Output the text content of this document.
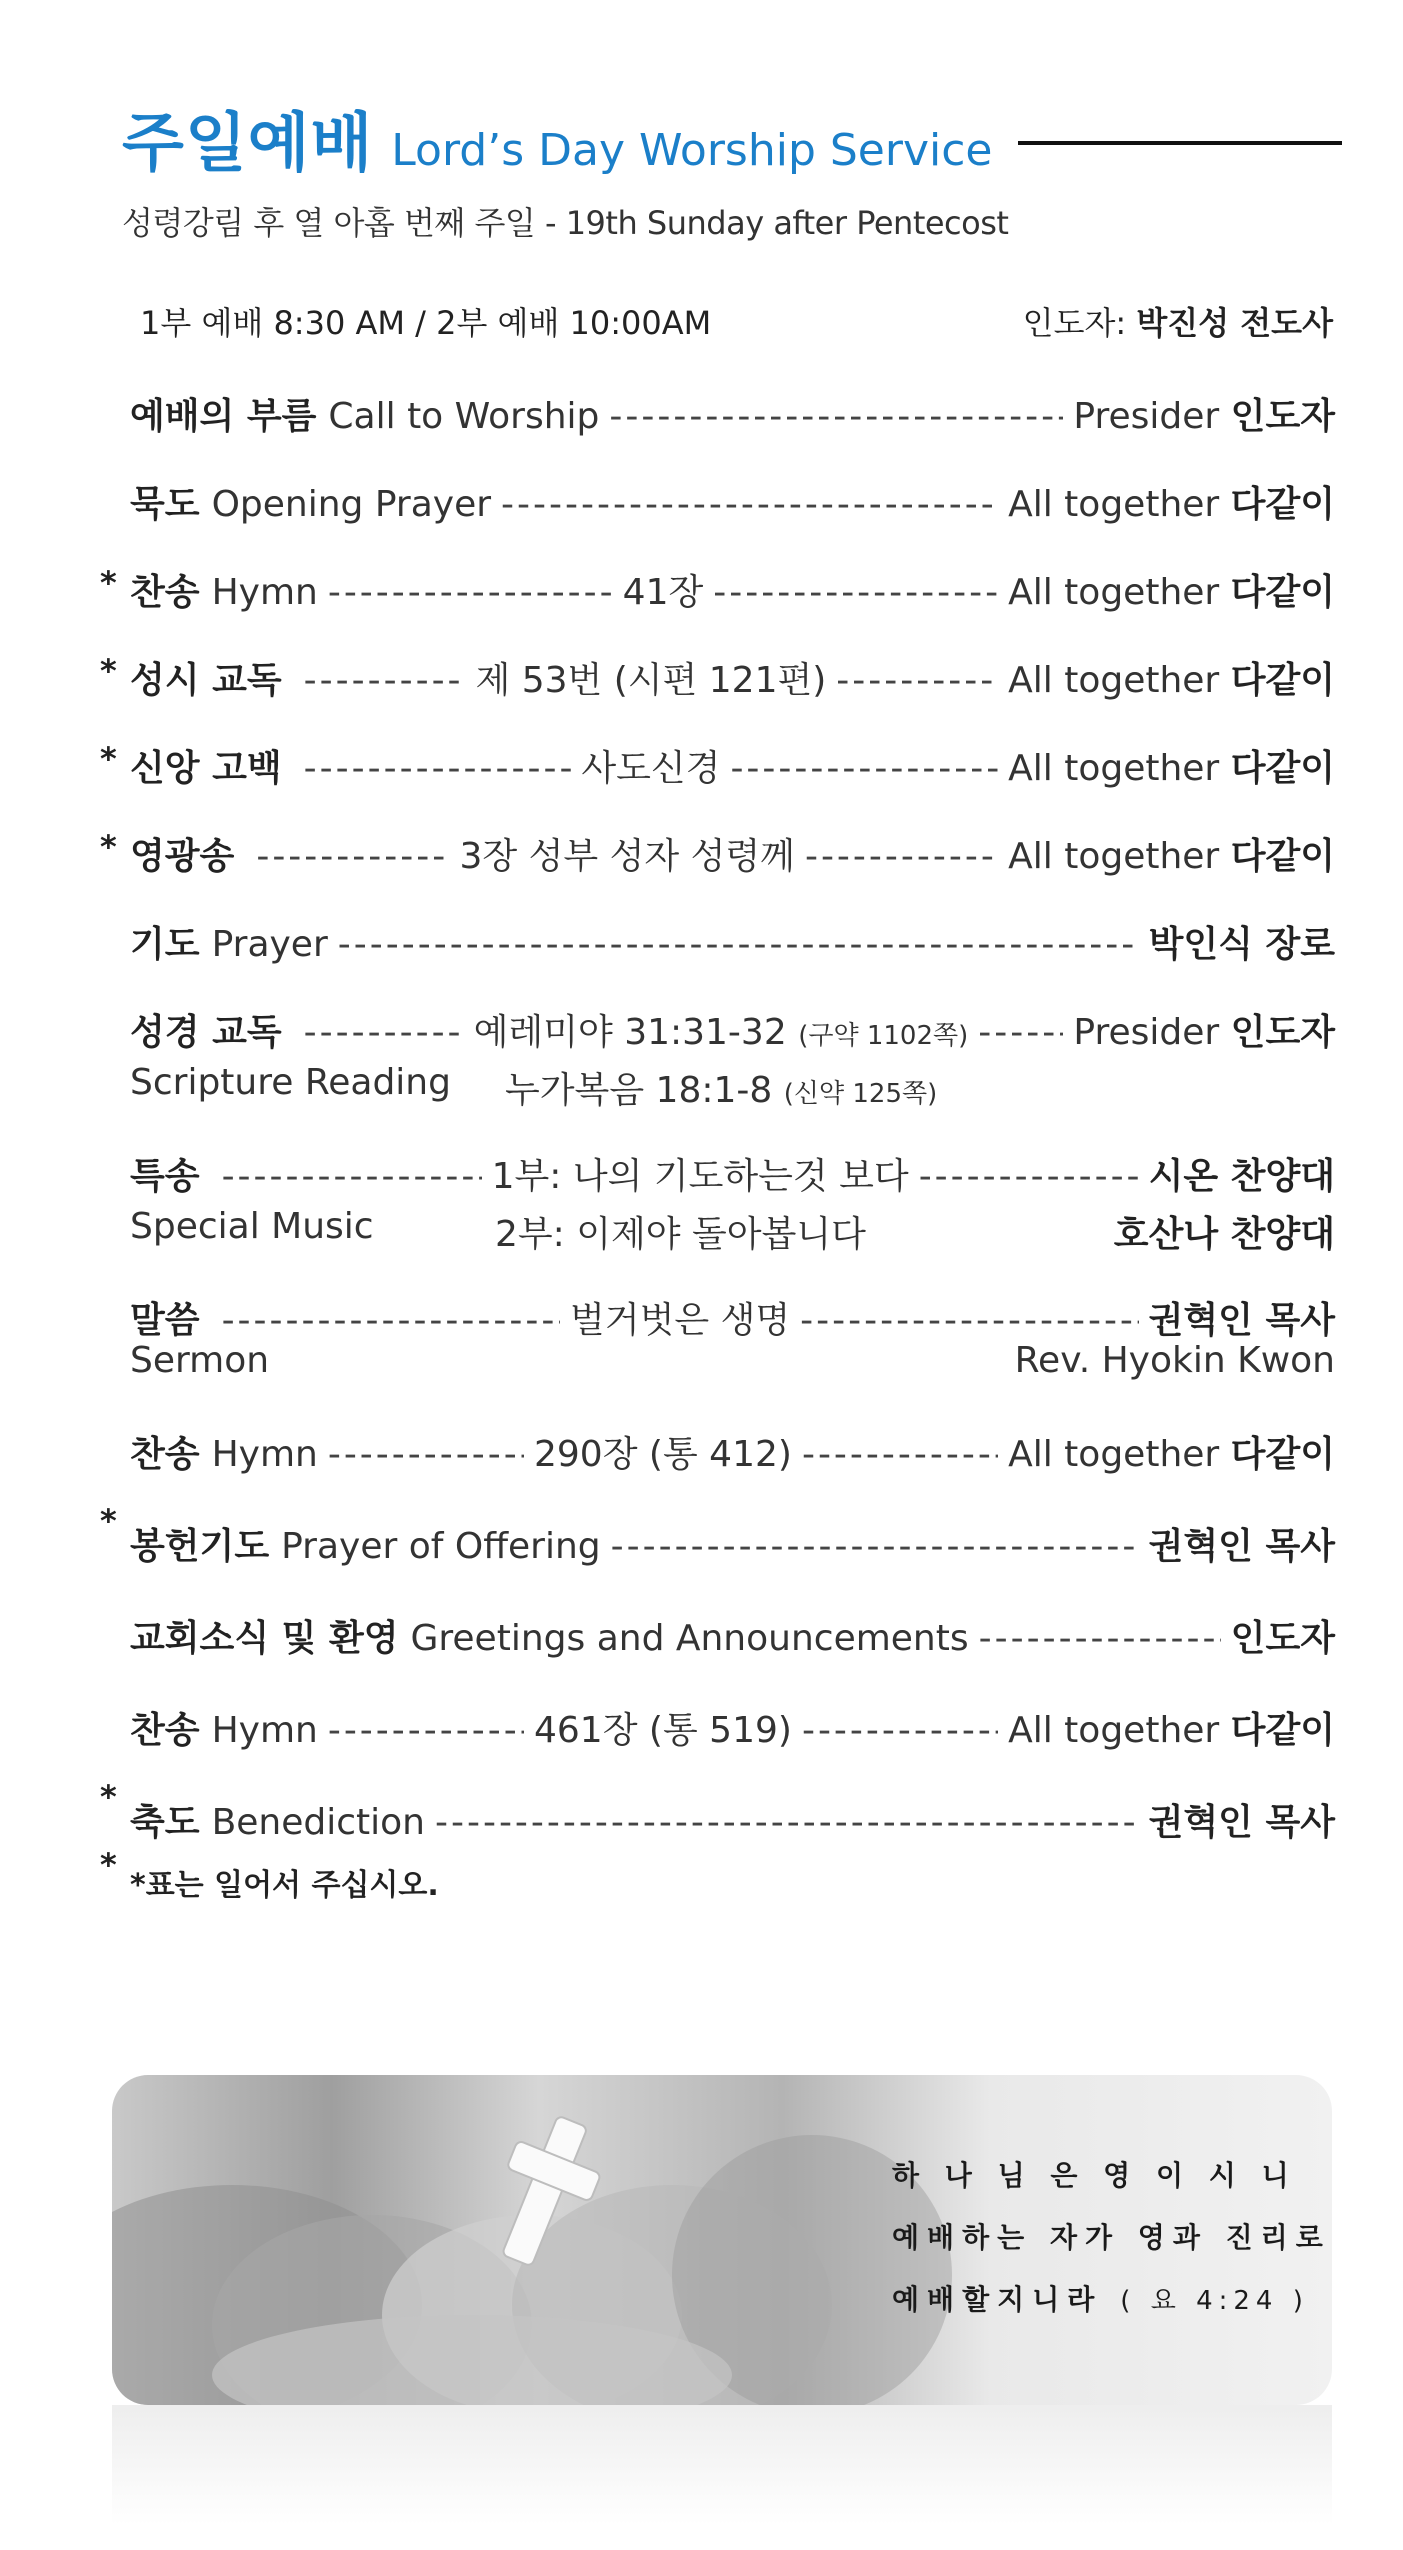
주일예배 Lord’s Day Worship Service
성령강림 후 열 아홉 번째 주일 - 19th Sunday after Pentecost
1부 예배 8:30 AM / 2부 예배 10:00AM	인도자: 박진성 전도사
예배의 부름 Call to Worship -----	Presider 인도자
묵도 Opening Prayer -----	All together 다같이
* 찬송 Hymn -----	41장 -----	All together 다같이
* 성시 교독 -----	제 53번 (시편 121편) -----	All together 다같이
* 신앙 고백 -----	사도신경 -----	All together 다같이
* 영광송 -----	3장 성부 성자 성령께 -----	All together 다같이
기도 Prayer -----	박인식 장로
성경 교독 -----	예레미야 31:31-32 (구약 1102쪽) -----	Presider 인도자
Scripture Reading 누가복음 18:1-8 (신약 125쪽)
특송 -----	1부: 나의 기도하는것 보다 -----	시온 찬양대
Special Music	2부: 이제야 돌아봅니다	호산나 찬양대
말씀 -----	벌거벗은 생명 -----	권혁인 목사
Sermon	Rev. Hyokin Kwon
찬송 Hymn -----	290장 (통 412) -----	All together 다같이
*
봉헌기도 Prayer of Offering -----	권혁인 목사
교회소식 및 환영 Greetings and Announcements -----	인도자
찬송 Hymn -----	461장 (통 519) -----	All together 다같이
*
축도 Benediction -----	권혁인 목사
*
*표는 일어서 주십시오.
하 나 님 은 영 이 시 니
예배하는 자가 영과 진리로
예배할지니라 ( 요 4:24 )
